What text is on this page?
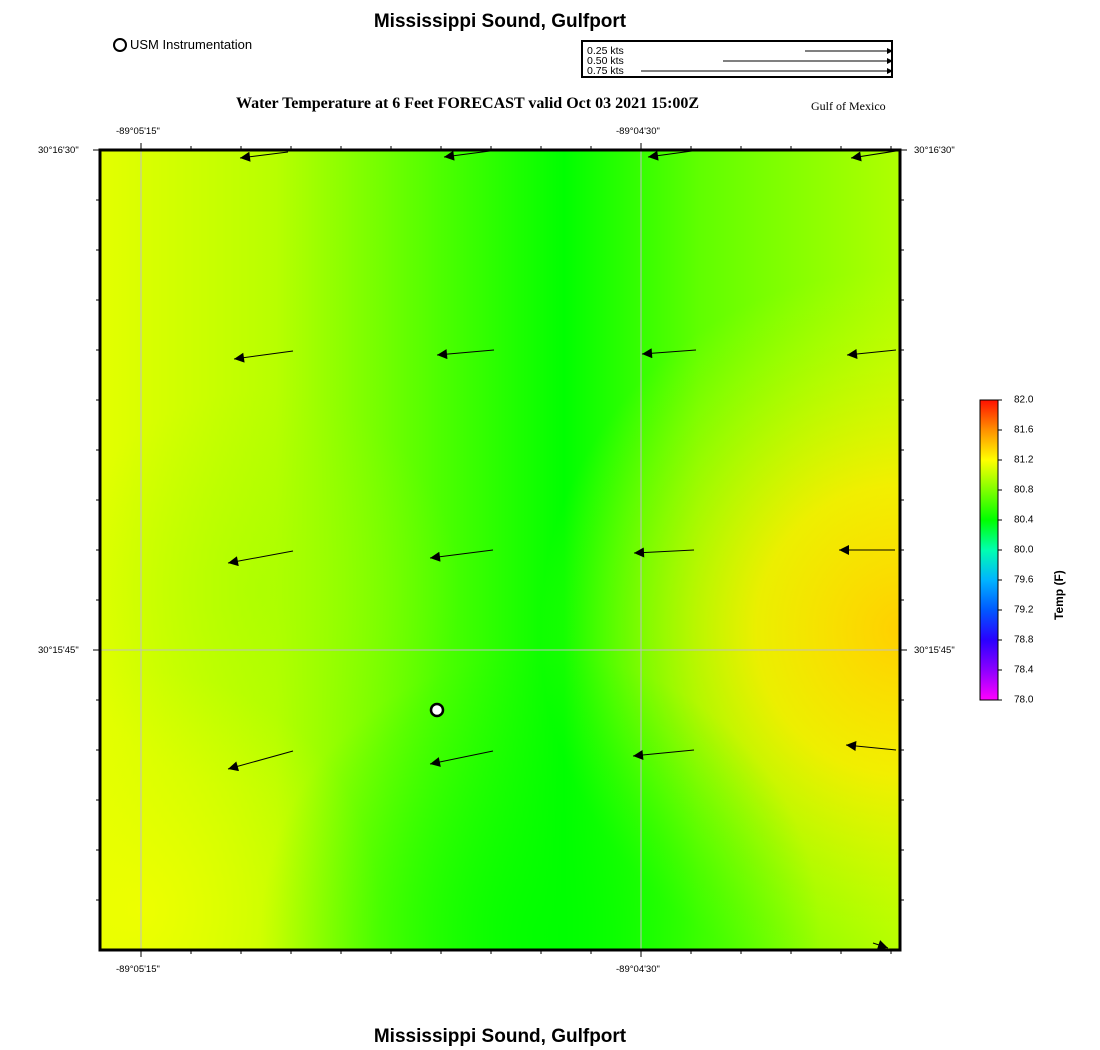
Mississippi Sound, Gulfport
USM Instrumentation	0.25 kts
0.50 kts
0.75 kts
Water Temperature at 6 Feet FORECAST valid Oct 03 2021 15:00Z	Gulf of Mexico
-89°05'15"	-89°04'30"
-89°05'15"	-89°04'30"
30°16'30"
30°15'45"
30°16'30"
30°15'45"
82.0
81.6
81.2
80.8
80.4
80.0
79.6
79.2
78.8
78.4
78.0
Temp (F)
Mississippi Sound, Gulfport
